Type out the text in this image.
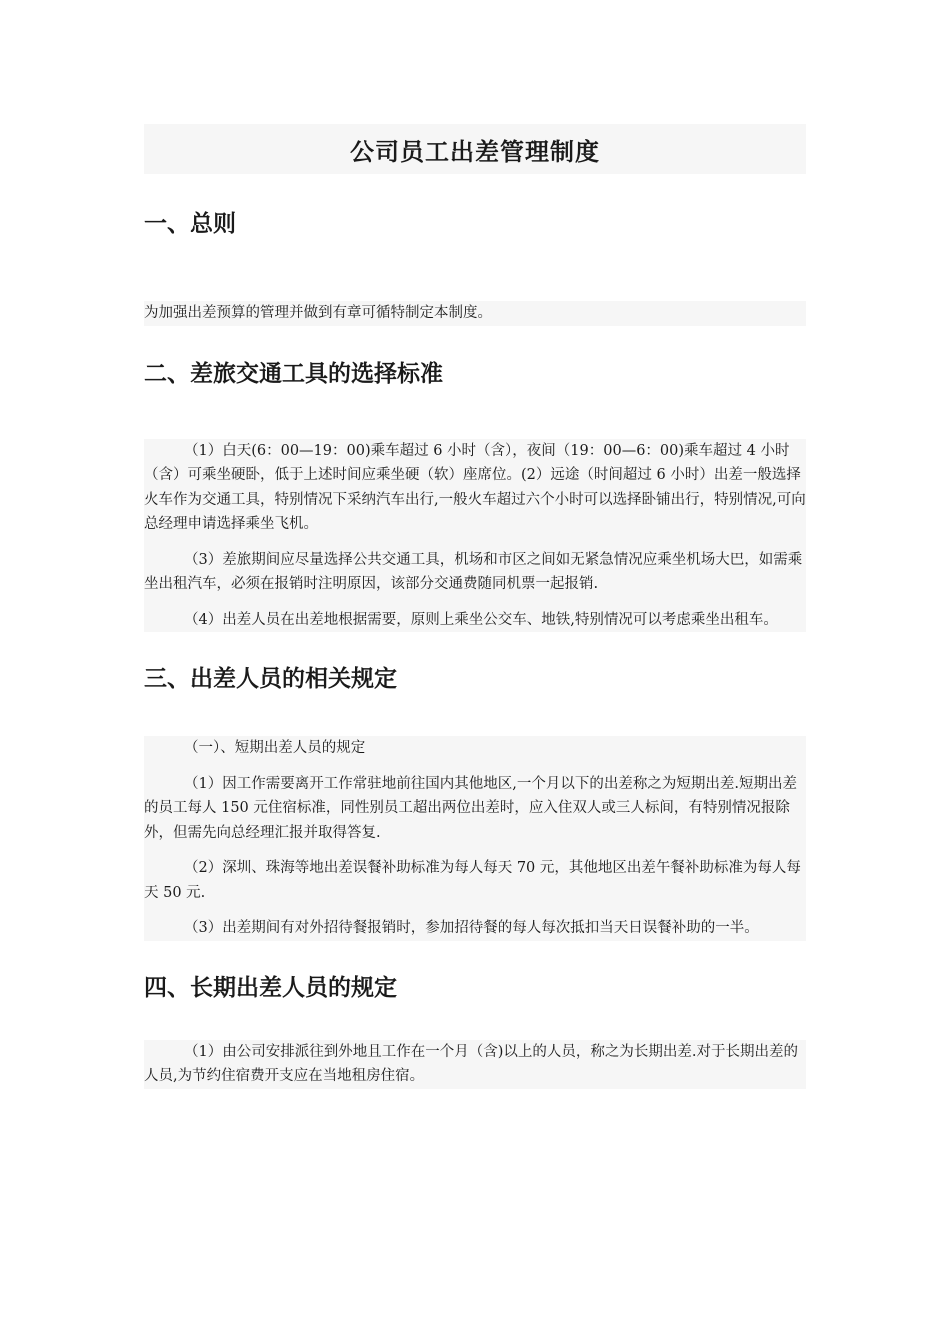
公司员工出差管理制度
一、总则

为加强出差预算的管理并做到有章可循特制定本制度。

二、差旅交通工具的选择标准

（1）白天(6：00—19：00)乘车超过 6 小时（含），夜间（19：00—6：00)乘车超过 4 小时（含）可乘坐硬卧，低于上述时间应乘坐硬（软）座席位。(2）远途（时间超过 6 小时）出差一般选择火车作为交通工具，特别情况下采纳汽车出行,一般火车超过六个小时可以选择卧铺出行，特别情况,可向总经理申请选择乘坐飞机。

（3）差旅期间应尽量选择公共交通工具，机场和市区之间如无紧急情况应乘坐机场大巴，如需乘坐出租汽车，必须在报销时注明原因，该部分交通费随同机票一起报销.

（4）出差人员在出差地根据需要，原则上乘坐公交车、地铁,特别情况可以考虑乘坐出租车。

三、出差人员的相关规定

（一）、短期出差人员的规定

（1）因工作需要离开工作常驻地前往国内其他地区,一个月以下的出差称之为短期出差.短期出差的员工每人 150 元住宿标准，同性别员工超出两位出差时，应入住双人或三人标间，有特别情况报除外，但需先向总经理汇报并取得答复.

（2）深圳、珠海等地出差误餐补助标准为每人每天 70 元，其他地区出差午餐补助标准为每人每天 50 元.

（3）出差期间有对外招待餐报销时，参加招待餐的每人每次抵扣当天日误餐补助的一半。

四、长期出差人员的规定

（1）由公司安排派往到外地且工作在一个月（含)以上的人员，称之为长期出差.对于长期出差的人员,为节约住宿费开支应在当地租房住宿。
